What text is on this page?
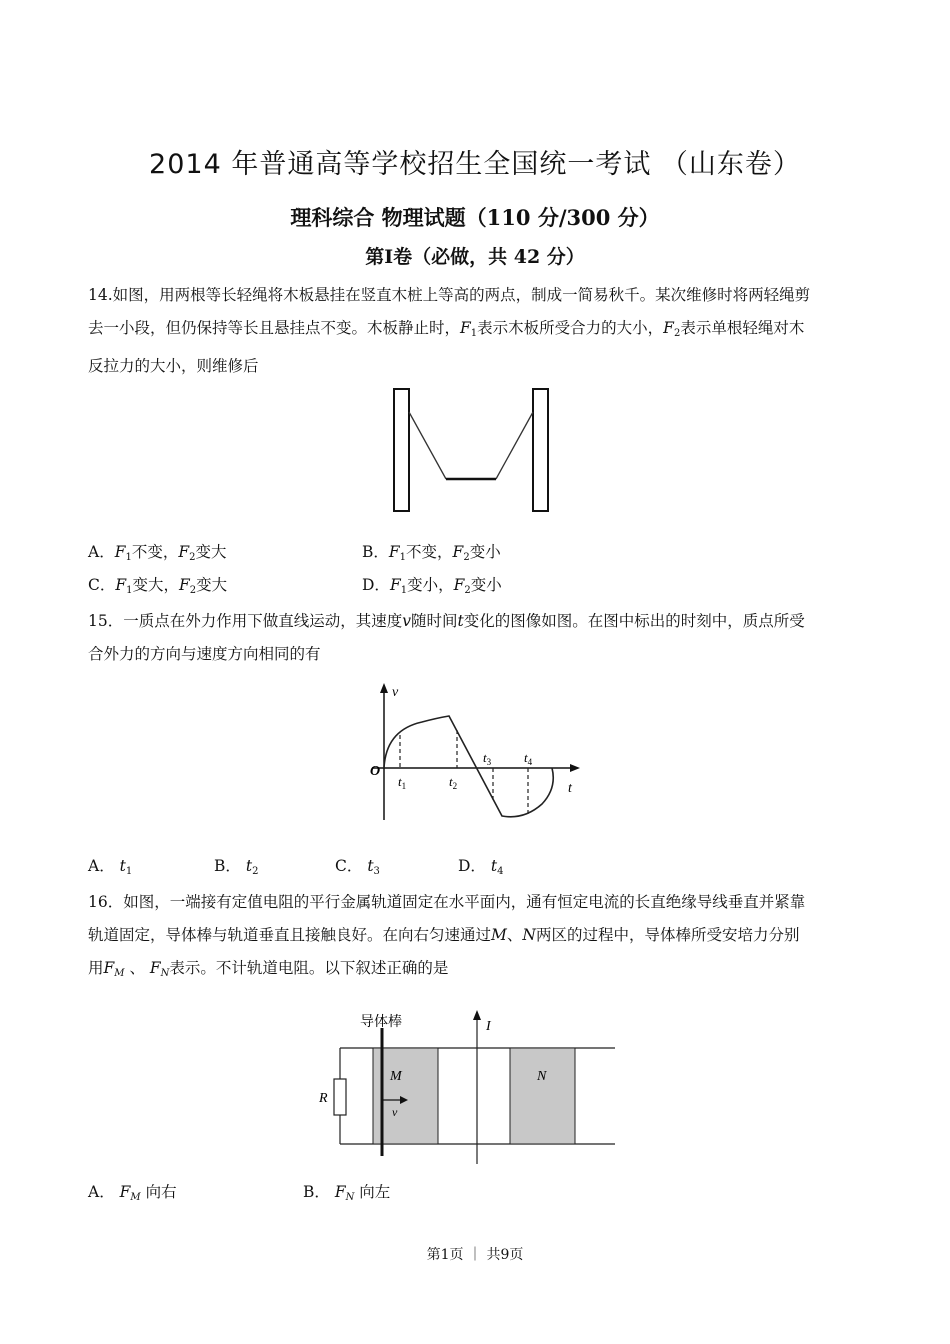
2014 年普通高等学校招生全国统一考试 （山东卷）
理科综合 物理试题（110 分/300 分）
第Ⅰ卷（必做，共 42 分）
14.如图，用两根等长轻绳将木板悬挂在竖直木桩上等高的两点，制成一简易秋千。某次维修时将两轻绳剪
去一小段，但仍保持等长且悬挂点不变。木板静止时，$F_1$表示木板所受合力的大小，$F_2$表示单根轻绳对木
反拉力的大小，则维修后
A．$F_1$不变，$F_2$变大	B．$F_1$不变，$F_2$变小
C．$F_1$变大，$F_2$变大	D．$F_1$变小，$F_2$变小
15．一质点在外力作用下做直线运动，其速度v随时间t变化的图像如图。在图中标出的时刻中，质点所受
合外力的方向与速度方向相同的有
v
t
O
$t_1$	$t_2$
$t_3$	$t_4$
A． $t_1$	B． $t_2$	C． $t_3$	D． $t_4$
16．如图，一端接有定值电阻的平行金属轨道固定在水平面内，通有恒定电流的长直绝缘导线垂直并紧靠
轨道固定，导体棒与轨道垂直且接触良好。在向右匀速通过M、N两区的过程中，导体棒所受安培力分别
用$F_M$ 、 $F_N$表示。不计轨道电阻。以下叙述正确的是
R
M	N
导体棒
v
I
A． $F_M$ 向右	B． $F_N$ 向左
第1页 ｜ 共9页
